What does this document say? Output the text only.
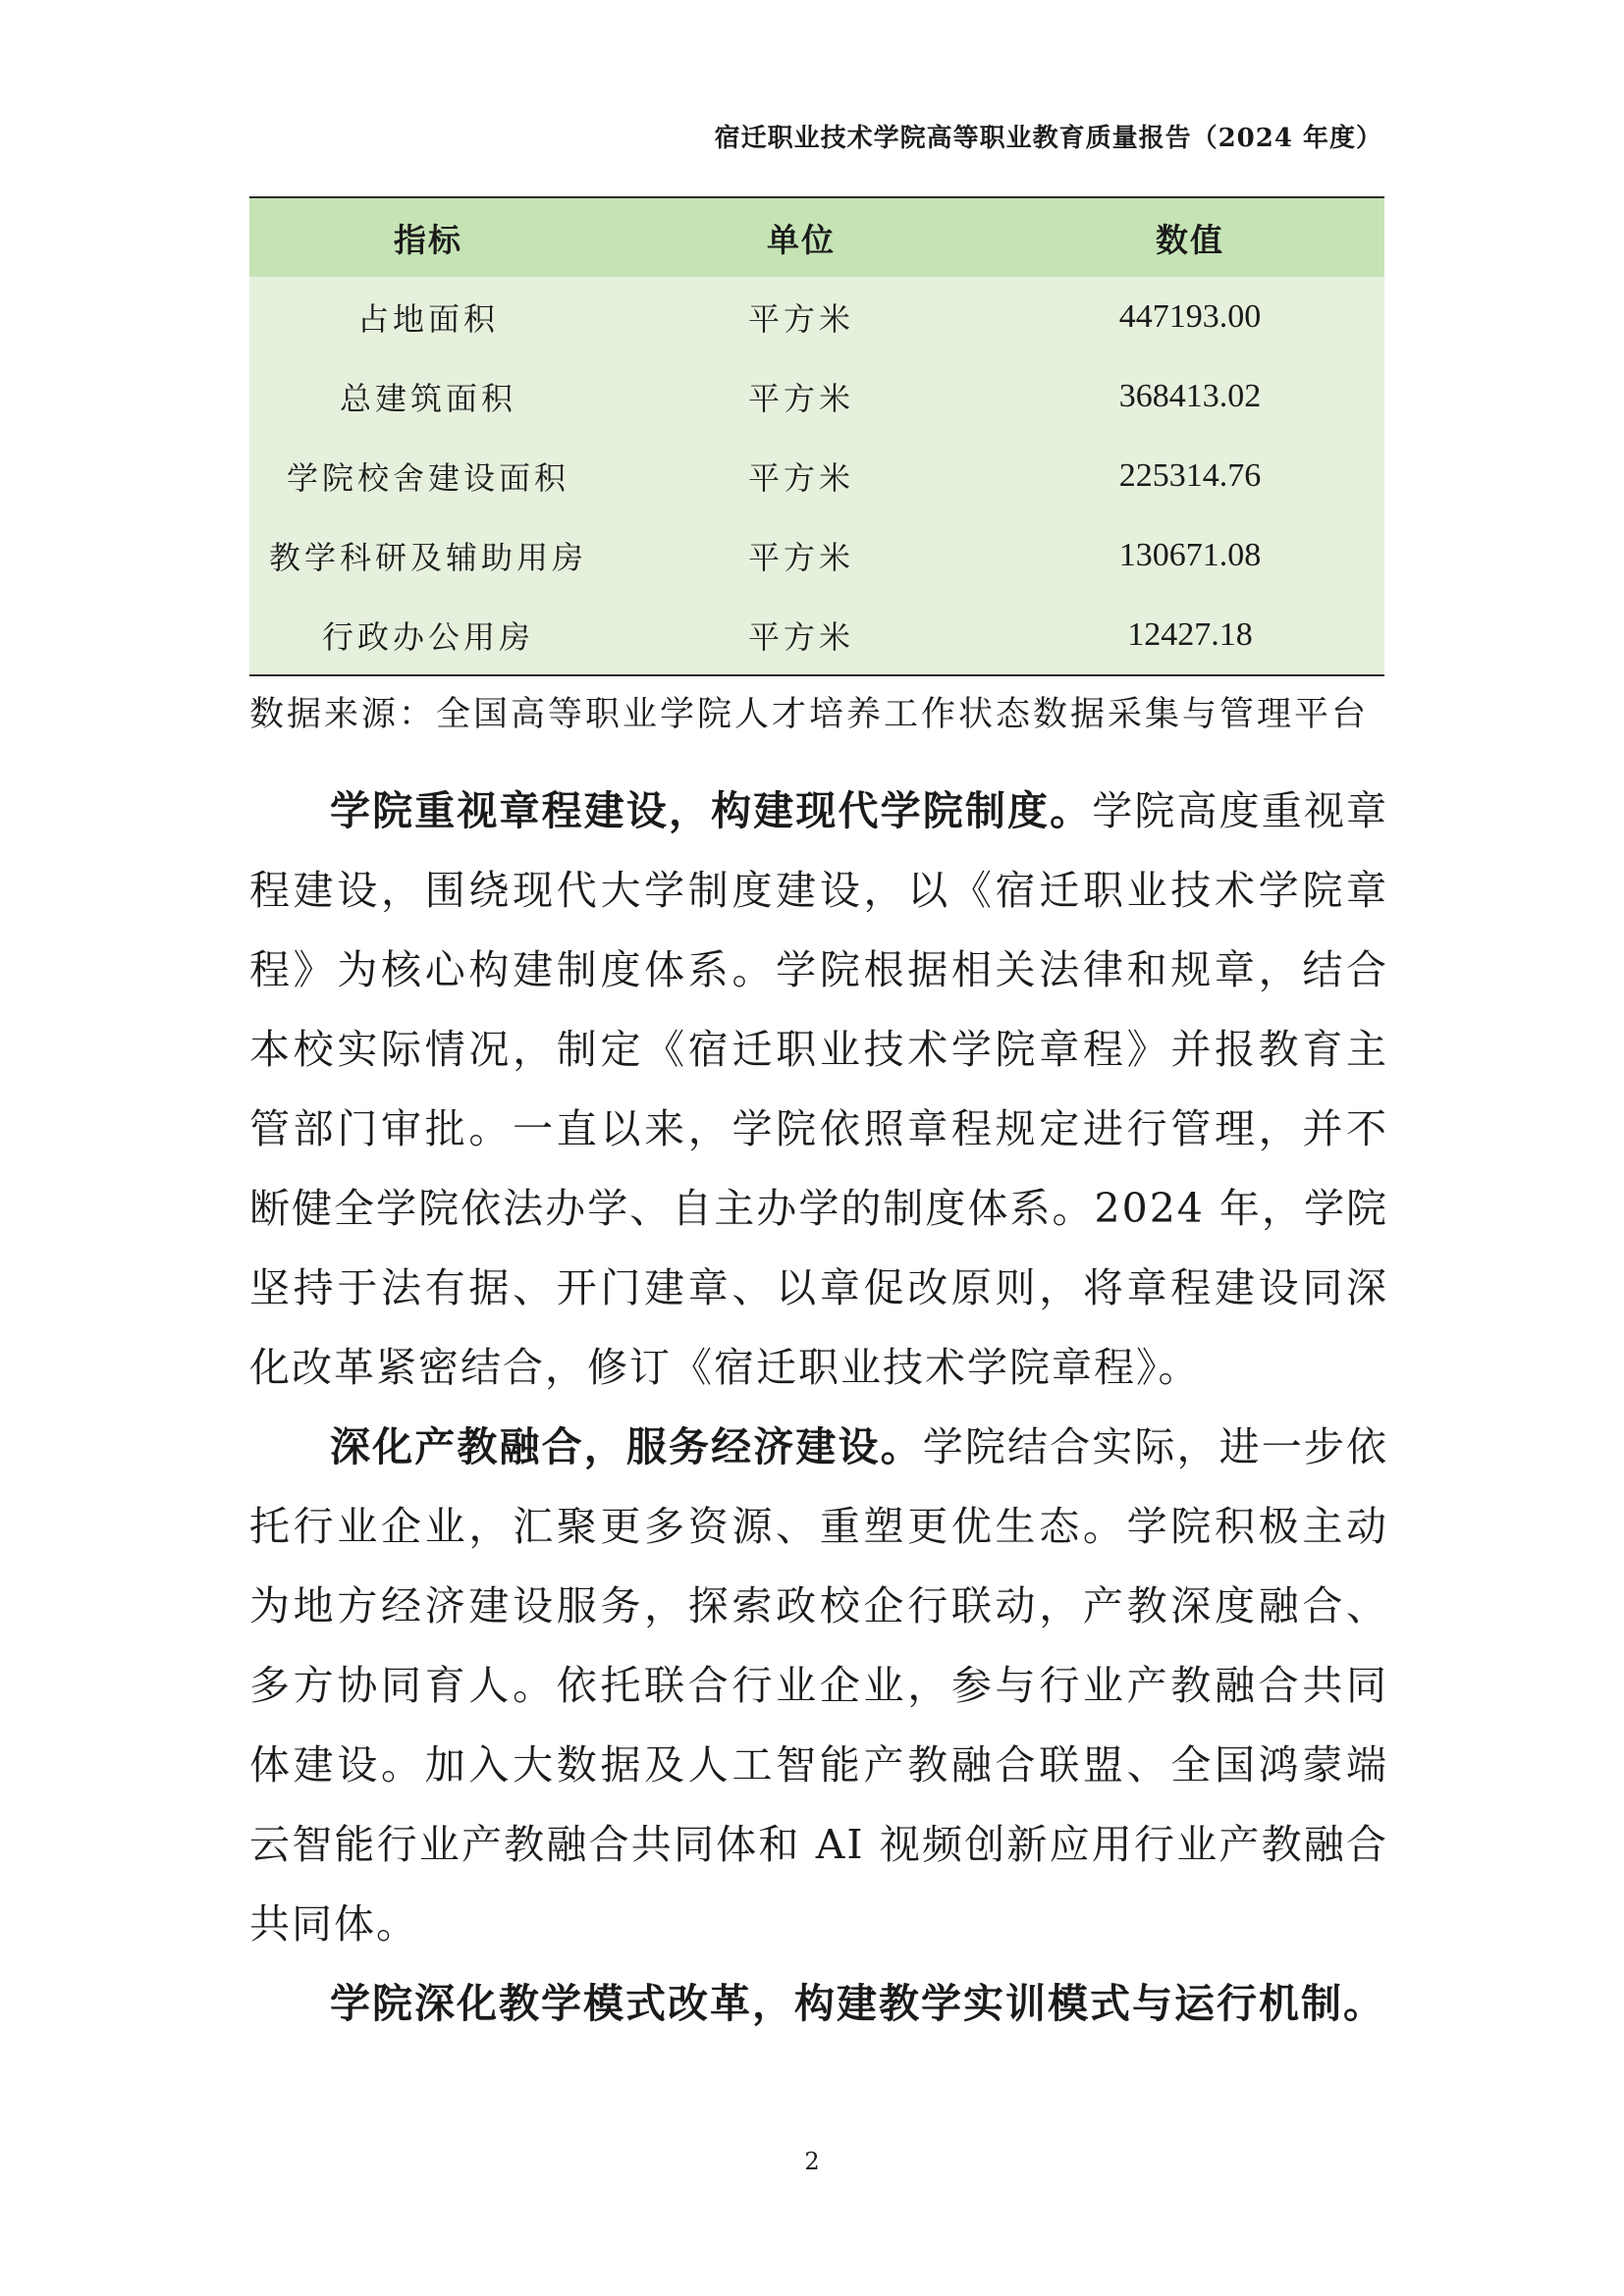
宿迁职业技术学院高等职业教育质量报告（2024 年度）
指标	单位	数值
占地面积	平方米	447193.00
总建筑面积	平方米	368413.02
学院校舍建设面积	平方米	225314.76
教学科研及辅助用房	平方米	130671.08
行政办公用房	平方米	12427.18
数据来源：全国高等职业学院人才培养工作状态数据采集与管理平台

学院重视章程建设，构建现代学院制度。学院高度重视章程建设，围绕现代大学制度建设，以《宿迁职业技术学院章程》为核心构建制度体系。学院根据相关法律和规章，结合本校实际情况，制定《宿迁职业技术学院章程》并报教育主管部门审批。一直以来，学院依照章程规定进行管理，并不断健全学院依法办学、自主办学的制度体系。2024 年，学院坚持于法有据、开门建章、以章促改原则，将章程建设同深化改革紧密结合，修订《宿迁职业技术学院章程》。

深化产教融合，服务经济建设。学院结合实际，进一步依托行业企业，汇聚更多资源、重塑更优生态。学院积极主动为地方经济建设服务，探索政校企行联动，产教深度融合、多方协同育人。依托联合行业企业，参与行业产教融合共同体建设。加入大数据及人工智能产教融合联盟、全国鸿蒙端云智能行业产教融合共同体和 AI 视频创新应用行业产教融合共同体。

学院深化教学模式改革，构建教学实训模式与运行机制。

2
